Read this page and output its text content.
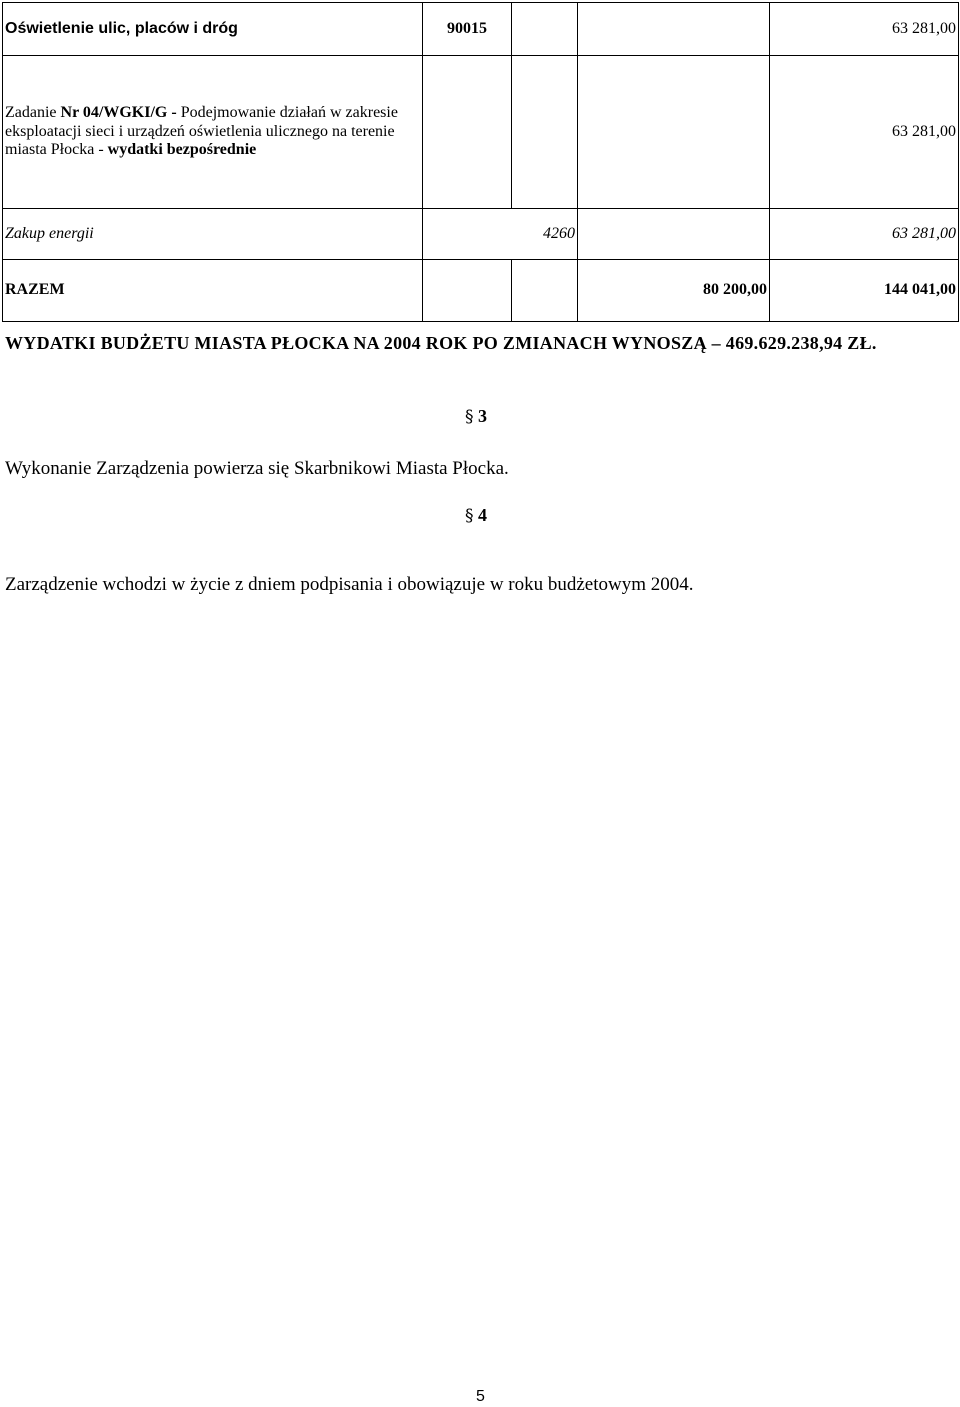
Oświetlenie ulic, placów i dróg	90015			63 281,00
Zadanie Nr 04/WGKI/G - Podejmowanie działań w zakresie eksploatacji sieci i urządzeń oświetlenia ulicznego na terenie miasta Płocka - wydatki bezpośrednie				63 281,00
Zakup energii	4260			63 281,00
RAZEM			80 200,00	144 041,00
WYDATKI BUDŻETU MIASTA PŁOCKA NA 2004 ROK PO ZMIANACH WYNOSZĄ – 469.629.238,94 ZŁ.
§ 3
Wykonanie Zarządzenia powierza się Skarbnikowi Miasta Płocka.
§ 4
Zarządzenie wchodzi w życie z dniem podpisania i obowiązuje w roku budżetowym 2004.
5
